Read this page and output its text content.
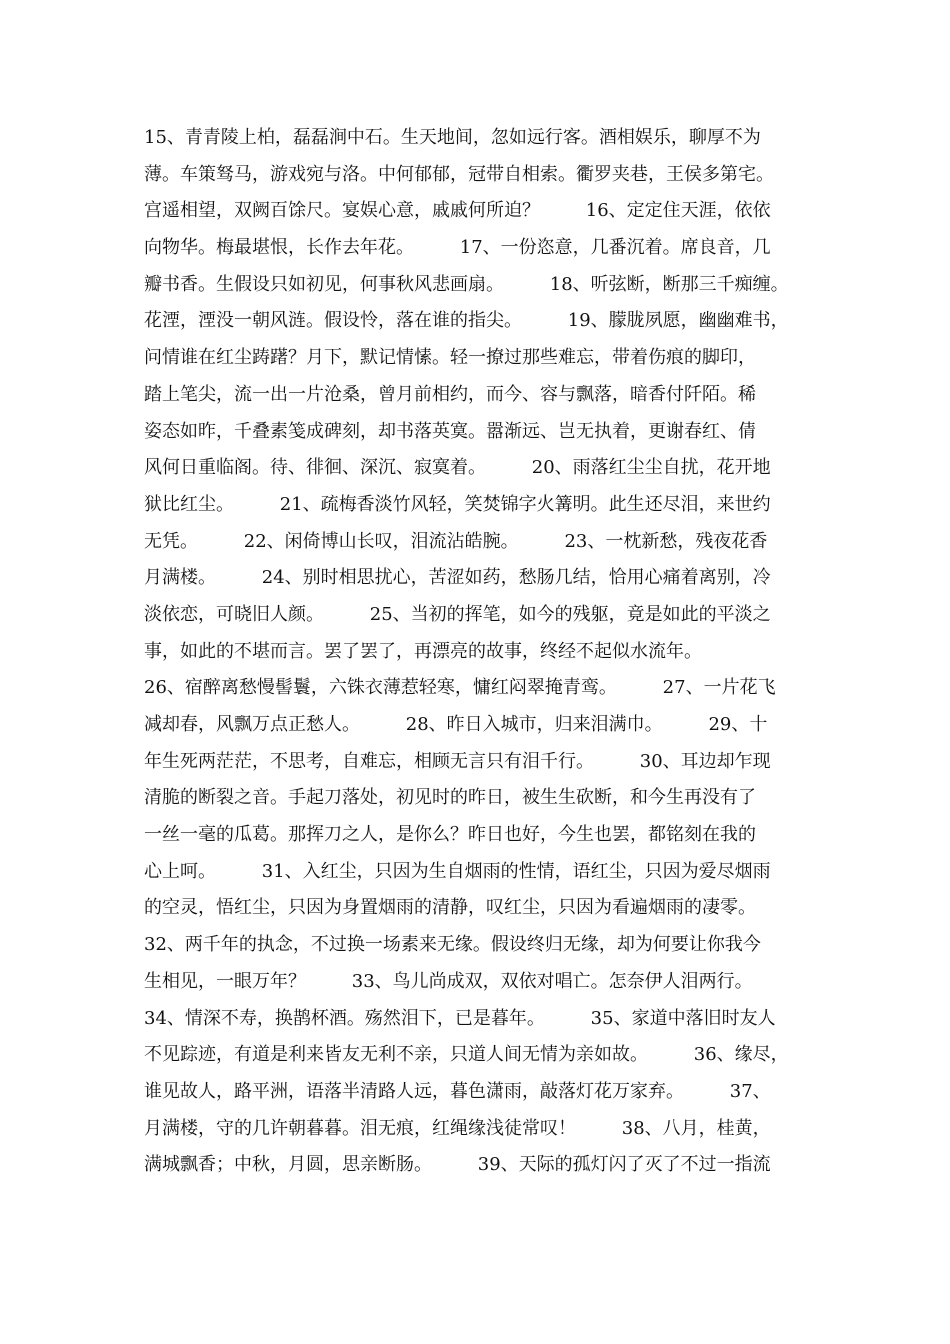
15、青青陵上柏，磊磊涧中石。生天地间，忽如远行客。酒相娱乐，聊厚不为
薄。车策驽马，游戏宛与洛。中何郁郁，冠带自相索。衢罗夹巷，王侯多第宅。
宫遥相望，双阙百馀尺。宴娱心意，戚戚何所迫？        16、定定住天涯，依依
向物华。梅最堪恨，长作去年花。        17、一份恣意，几番沉着。席良音，几
瓣书香。生假设只如初见，何事秋风悲画扇。        18、听弦断，断那三千痴缠。
花湮，湮没一朝风涟。假设怜，落在谁的指尖。        19、朦胧夙愿，幽幽难书，
问情谁在红尘踌躇？月下，默记情愫。轻一撩过那些难忘，带着伤痕的脚印，
踏上笔尖，流一出一片沧桑，曾月前相约，而今、容与飘落，暗香付阡陌。稀
姿态如昨，千叠素笺成碑刻，却书落英寞。嚣渐远、岂无执着，更谢春红、倩
风何日重临阁。待、徘徊、深沉、寂寞着。        20、雨落红尘尘自扰，花开地
狱比红尘。        21、疏梅香淡竹风轻，笑焚锦字火篝明。此生还尽泪，来世约
无凭。        22、闲倚博山长叹，泪流沾皓腕。        23、一枕新愁，残夜花香
月满楼。        24、别时相思扰心，苦涩如药，愁肠几结，恰用心痛着离别，冷
淡依恋，可晓旧人颜。        25、当初的挥笔，如今的残躯，竟是如此的平淡之
事，如此的不堪而言。罢了罢了，再漂亮的故事，终经不起似水流年。
26、宿醉离愁慢髻鬟，六铢衣薄惹轻寒，慵红闷翠掩青鸾。        27、一片花飞
减却春，风飘万点正愁人。        28、昨日入城市，归来泪满巾。        29、十
年生死两茫茫，不思考，自难忘，相顾无言只有泪千行。        30、耳边却乍现
清脆的断裂之音。手起刀落处，初见时的昨日，被生生砍断，和今生再没有了
一丝一毫的瓜葛。那挥刀之人，是你么？昨日也好，今生也罢，都铭刻在我的
心上呵。        31、入红尘，只因为生自烟雨的性情，语红尘，只因为爱尽烟雨
的空灵，悟红尘，只因为身置烟雨的清静，叹红尘，只因为看遍烟雨的凄零。
32、两千年的执念，不过换一场素来无缘。假设终归无缘，却为何要让你我今
生相见，一眼万年？        33、鸟儿尚成双，双依对唱亡。怎奈伊人泪两行。
34、情深不寿，换鹊杯酒。殇然泪下，已是暮年。        35、家道中落旧时友人
不见踪迹，有道是利来皆友无利不亲，只道人间无情为亲如故。        36、缘尽，
谁见故人，路平洲，语落半清路人远，暮色潇雨，敲落灯花万家弃。        37、
月满楼，守的几许朝暮暮。泪无痕，红绳缘浅徒常叹！        38、八月，桂黄，
满城飘香；中秋，月圆，思亲断肠。        39、天际的孤灯闪了灭了不过一指流
